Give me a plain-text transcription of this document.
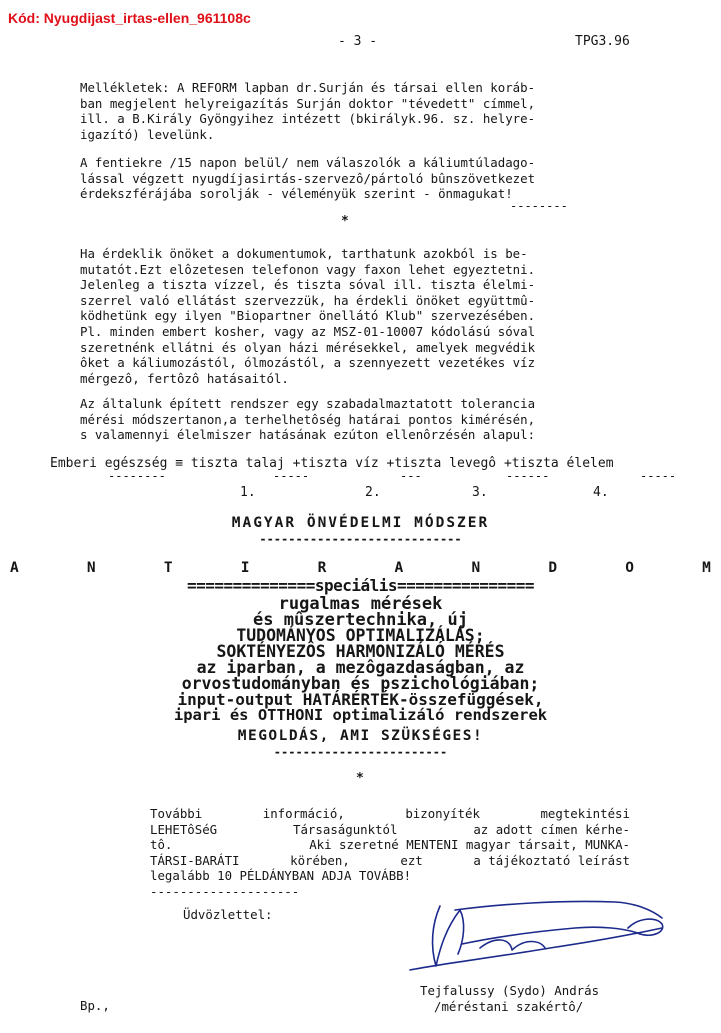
Kód: Nyugdijast_irtas-ellen_961108c
- 3 -	TPG3.96
Mellékletek: A REFORM lapban dr.Surján és társai ellen koráb-
ban megjelent helyreigazítás Surján doktor "tévedett" címmel,
ill. a B.Király Gyöngyihez intézett (bkirályk.96. sz. helyre-
igazító) levelünk.
A fentiekre /15 napon belül/ nem válaszolók a káliumtúladago-
lással végzett nyugdíjasirtás-szervezô/pártoló bûnszövetkezet
érdekszférájába sorolják - véleményük szerint - önmagukat!
--------
*
Ha érdeklik önöket a dokumentumok, tarthatunk azokból is be-
mutatót.Ezt elôzetesen telefonon vagy faxon lehet egyeztetni.
Jelenleg a tiszta vízzel, és tiszta sóval ill. tiszta élelmi-
szerrel való ellátást szervezzük, ha érdekli önöket együttmû-
ködhetünk egy ilyen "Biopartner önellátó Klub" szervezésében.
Pl. minden embert kosher, vagy az MSZ-01-10007 kódolású sóval
szeretnénk ellátni és olyan házi mérésekkel, amelyek megvédik
ôket a káliumozástól, ólmozástól, a szennyezett vezetékes víz
mérgezô, fertôzô hatásaitól.
Az általunk épített rendszer egy szabadalmaztatott tolerancia
mérési módszertanon,a terhelhetôség határai pontos kimérésén,
s valamennyi élelmiszer hatásának ezúton ellenôrzésén alapul:
Emberi egészség ≡ tiszta talaj +tiszta víz +tiszta levegô +tiszta élelem
--------	-----	---	------	-----
1.	2.	3.	4.
MAGYAR ÖNVÉDELMI MÓDSZER
----------------------------
A	N	T	I	R	A	N	D	O	M
==============speciális===============
rugalmas mérések
és mûszertechnika, új
TUDOMÁNYOS OPTIMALIZÁLÁS;
SOKTÉNYEZÔS HARMONIZÁLÓ MÉRÉS
az iparban, a mezôgazdaságban, az
orvostudományban és pszichológiában;
input-output HATÁRÉRTÉK-összefüggések,
ipari és OTTHONI optimalizáló rendszerek
MEGOLDÁS, AMI SZÜKSÉGES!
------------------------
*
További	információ,	bizonyíték	megtekintési
LEHETôSéG	Társaságunktól	az adott címen kérhe-
tô.	Aki szeretné MENTENI magyar társait, MUNKA-
TÁRSI-BARÁTI	körében,	ezt	a tájékoztató leírást
legalább 10 PÉLDÁNYBAN ADJA TOVÁBB!
--------------------
Üdvözlettel:
Tejfalussy (Sydo) András
/méréstani szakértô/
Bp.,
